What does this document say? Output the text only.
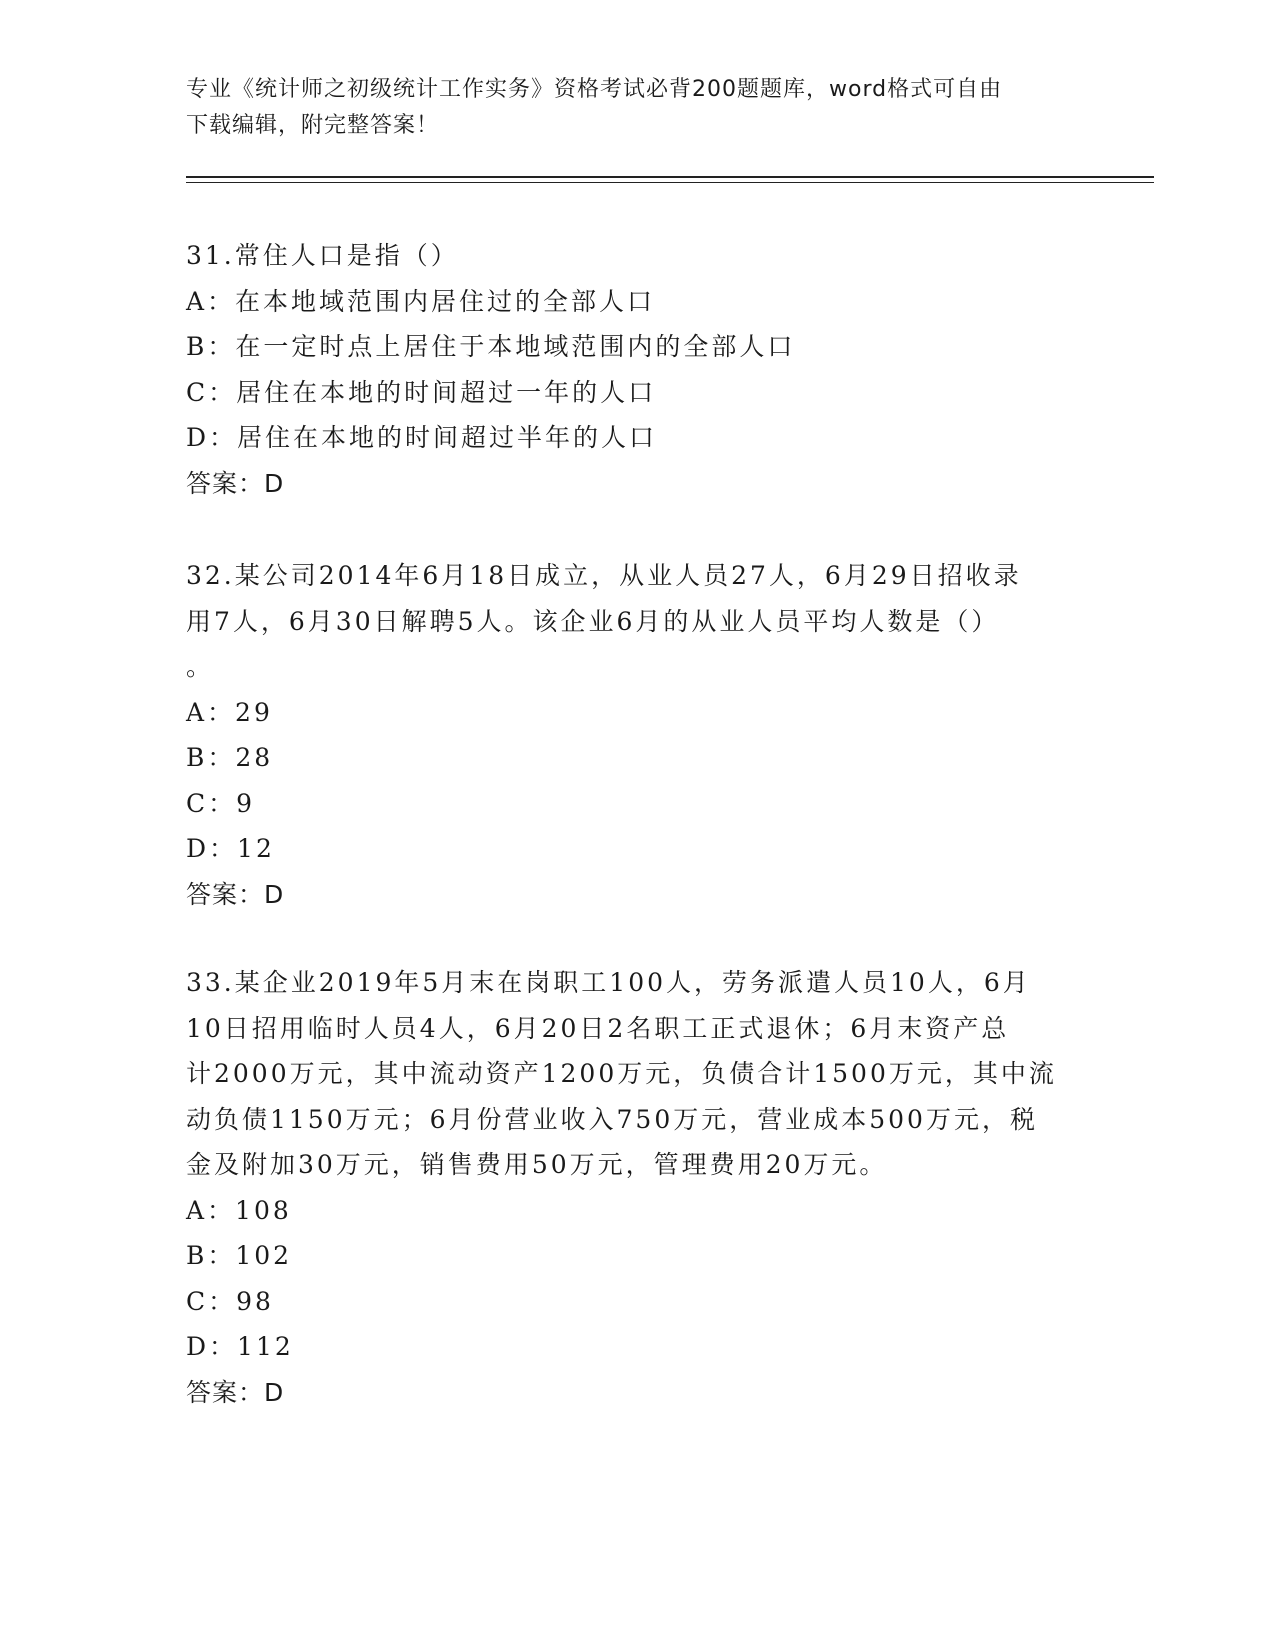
专业《统计师之初级统计工作实务》资格考试必背200题题库，word格式可自由
下载编辑，附完整答案！
31.常住人口是指（）
A：在本地域范围内居住过的全部人口
B：在一定时点上居住于本地域范围内的全部人口
C：居住在本地的时间超过一年的人口
D：居住在本地的时间超过半年的人口
答案：D
32.某公司2014年6月18日成立，从业人员27人，6月29日招收录
用7人，6月30日解聘5人。该企业6月的从业人员平均人数是（）
。
A：29
B：28
C：9
D：12
答案：D
33.某企业2019年5月末在岗职工100人，劳务派遣人员10人，6月
10日招用临时人员4人，6月20日2名职工正式退休；6月末资产总
计2000万元，其中流动资产1200万元，负债合计1500万元，其中流
动负债1150万元；6月份营业收入750万元，营业成本500万元，税
金及附加30万元，销售费用50万元，管理费用20万元。
A：108
B：102
C：98
D：112
答案：D
